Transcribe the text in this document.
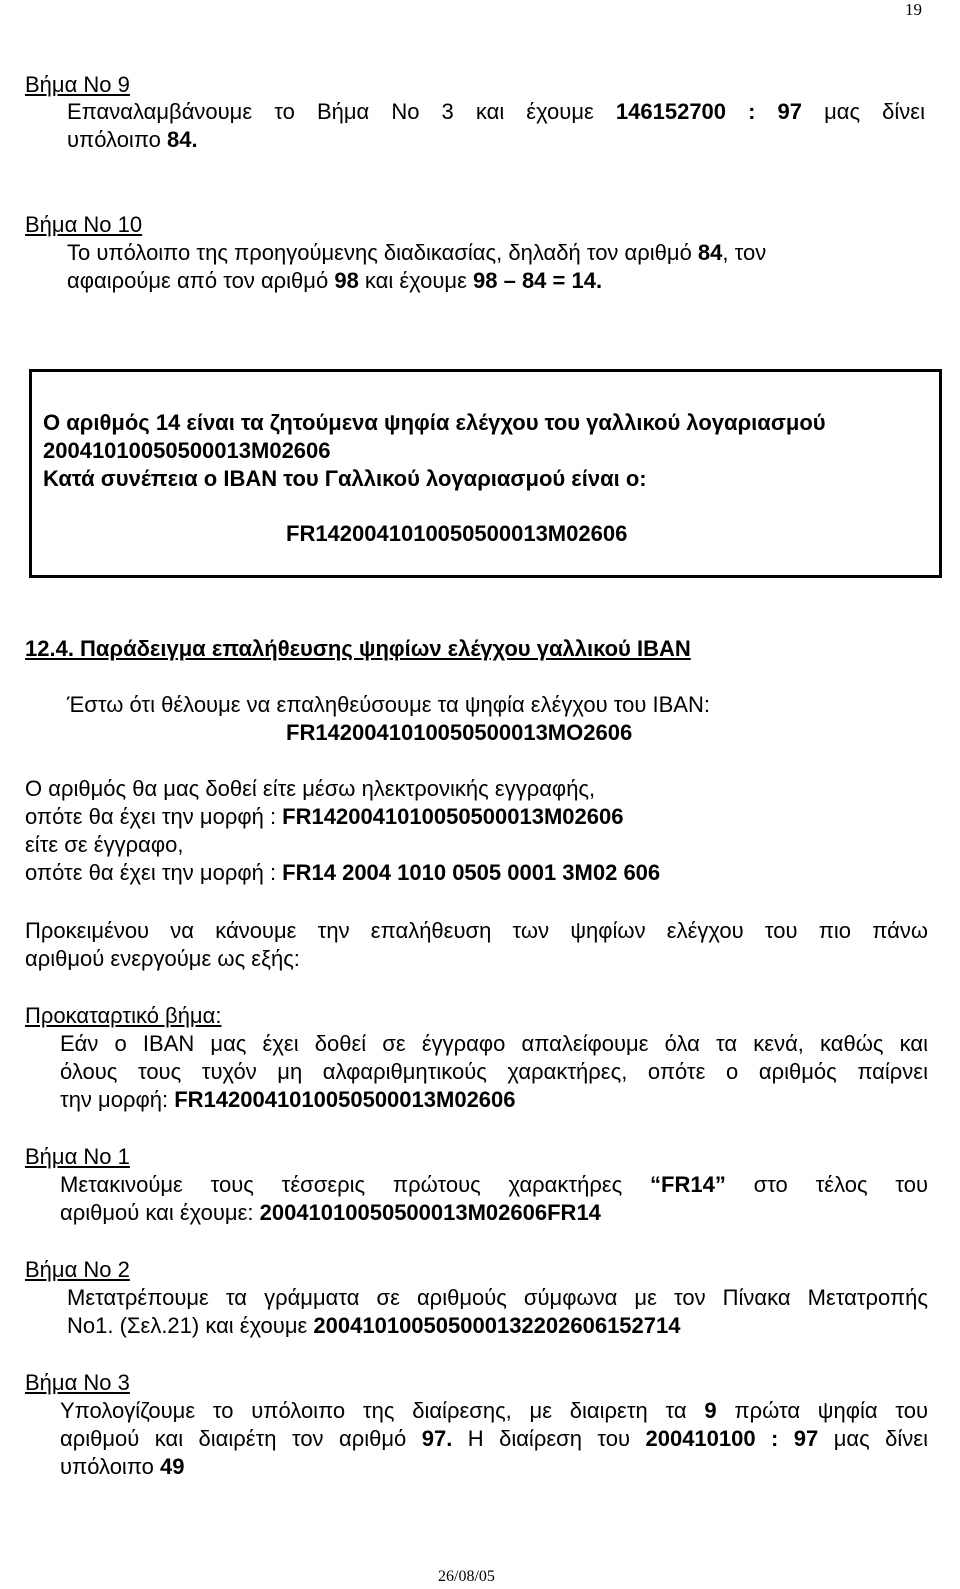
19
Βήμα Νο 9
Επαναλαμβάνουμε το Βήμα Νο 3 και έχουμε 146152700 : 97 μας δίνει
υπόλοιπο 84.
Βήμα Νο 10
Το υπόλοιπο της προηγούμενης διαδικασίας, δηλαδή τον αριθμό 84, τον
αφαιρούμε από τον αριθμό 98 και έχουμε 98 – 84 = 14.
Ο αριθμός 14 είναι τα ζητούμενα ψηφία ελέγχου του γαλλικού λογαριασμού
20041010050500013M02606
Κατά συνέπεια ο IBAN του Γαλλικού λογαριασμού είναι ο:
FR1420041010050500013M02606
12.4. Παράδειγμα επαλήθευσης ψηφίων ελέγχου γαλλικού IBAN
Έστω ότι θέλουμε να επαληθεύσουμε τα ψηφία ελέγχου του IBAN:
FR1420041010050500013MO2606
Ο αριθμός θα μας δοθεί είτε μέσω ηλεκτρονικής εγγραφής,
οπότε θα έχει την μορφή : FR1420041010050500013M02606
είτε σε έγγραφο,
οπότε θα έχει την μορφή : FR14 2004 1010 0505 0001 3M02 606
Προκειμένου να κάνουμε την επαλήθευση των ψηφίων ελέγχου του πιο πάνω
αριθμού ενεργούμε ως εξής:
Προκαταρτικό βήμα:
Εάν ο IBAN μας έχει δοθεί σε έγγραφο απαλείφουμε όλα τα κενά, καθώς και
όλους τους τυχόν μη αλφαριθμητικούς χαρακτήρες, οπότε ο αριθμός παίρνει
την μορφή: FR1420041010050500013M02606
Βήμα Νο 1
Μετακινούμε τους τέσσερις πρώτους χαρακτήρες “FR14” στο τέλος του
αριθμού και έχουμε: 20041010050500013M02606FR14
Βήμα Νο 2
Μετατρέπουμε τα γράμματα σε αριθμούς σύμφωνα με τον Πίνακα Μετατροπής
Νο1. (Σελ.21) και έχουμε 20041010050500013220260615271​4
Βήμα Νο 3
Υπολογίζουμε το υπόλοιπο της διαίρεσης, με διαιρετη τα 9 πρώτα ψηφία του
αριθμού και διαιρέτη τον αριθμό 97. Η διαίρεση του 200410100 : 97 μας δίνει
υπόλοιπο 49
26/08/05
